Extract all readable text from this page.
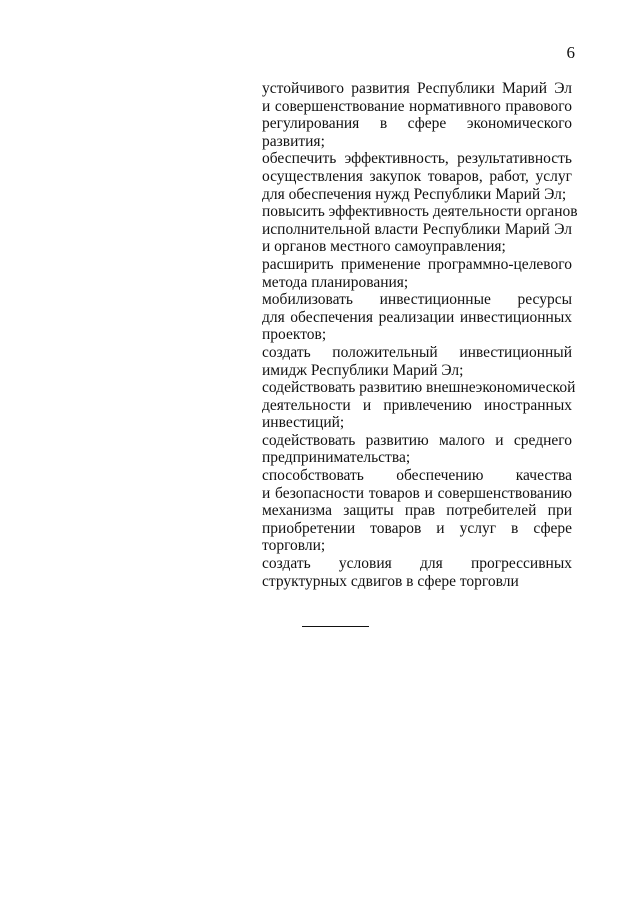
6

устойчивого развития Республики Марий Эл
и совершенствование нормативного правового
регулирования в сфере экономического
развития;

обеспечить эффективность, результативность
осуществления закупок товаров, работ, услуг
для обеспечения нужд Республики Марий Эл;

повысить эффективность деятельности органов
исполнительной власти Республики Марий Эл
и органов местного самоуправления;

расширить применение программно-целевого
метода планирования;

мобилизовать инвестиционные ресурсы
для обеспечения реализации инвестиционных
проектов;

создать положительный инвестиционный
имидж Республики Марий Эл;

содействовать развитию внешнеэкономической
деятельности и привлечению иностранных
инвестиций;

содействовать развитию малого и среднего
предпринимательства;

способствовать обеспечению качества
и безопасности товаров и совершенствованию
механизма защиты прав потребителей при
приобретении товаров и услуг в сфере
торговли;

создать условия для прогрессивных
структурных сдвигов в сфере торговли
